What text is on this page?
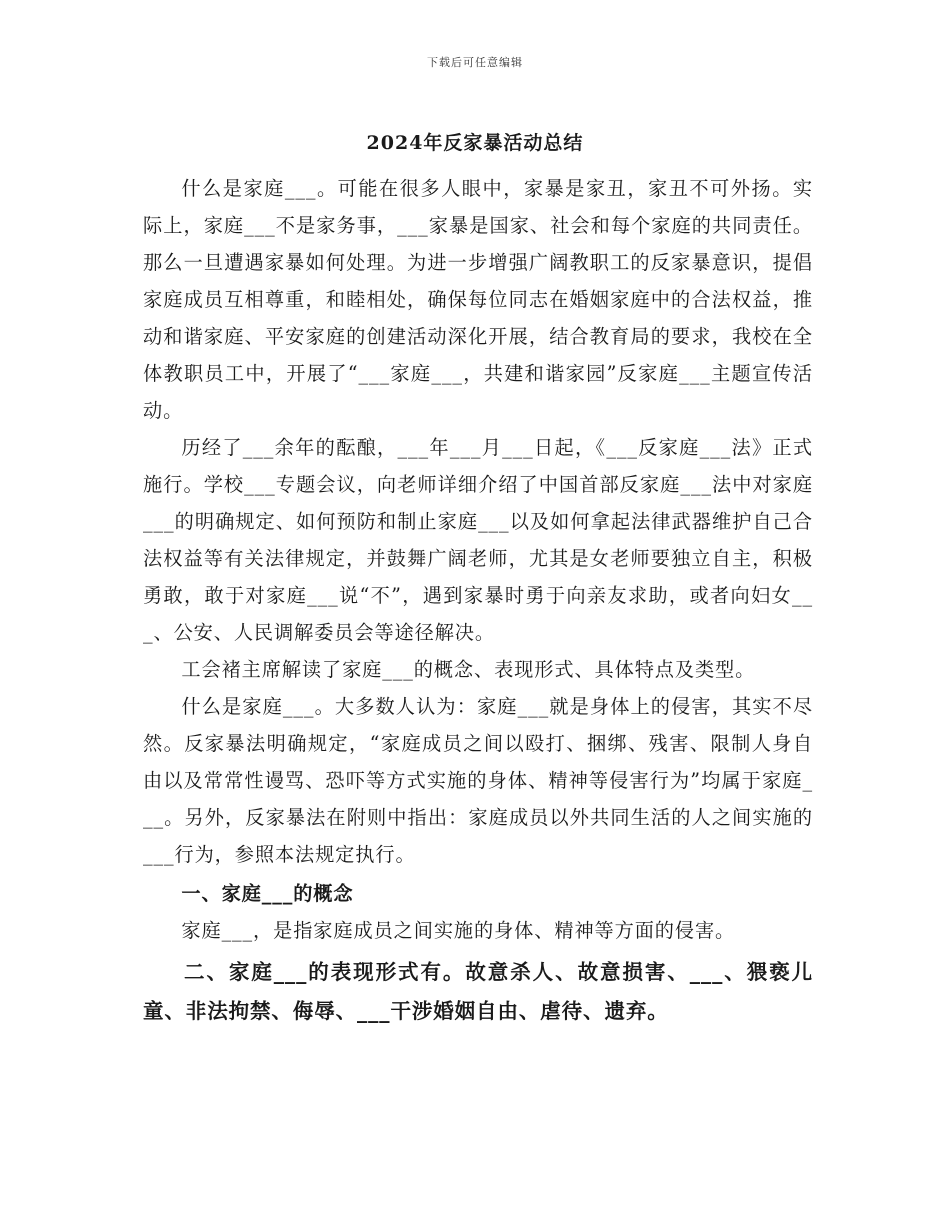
下载后可任意编辑
2024年反家暴活动总结

什么是家庭___。可能在很多人眼中，家暴是家丑，家丑不可外扬。实际上，家庭___不是家务事，___家暴是国家、社会和每个家庭的共同责任。那么一旦遭遇家暴如何处理。为进一步增强广阔教职工的反家暴意识，提倡家庭成员互相尊重，和睦相处，确保每位同志在婚姻家庭中的合法权益，推动和谐家庭、平安家庭的创建活动深化开展，结合教育局的要求，我校在全体教职员工中，开展了“___家庭___，共建和谐家园”反家庭___主题宣传活动。

历经了___余年的酝酿，___年___月___日起，《___反家庭___法》正式施行。学校___专题会议，向老师详细介绍了中国首部反家庭___法中对家庭___的明确规定、如何预防和制止家庭___以及如何拿起法律武器维护自己合法权益等有关法律规定，并鼓舞广阔老师，尤其是女老师要独立自主，积极勇敢，敢于对家庭___说“不”，遇到家暴时勇于向亲友求助，或者向妇女___、公安、人民调解委员会等途径解决。

工会褚主席解读了家庭___的概念、表现形式、具体特点及类型。

什么是家庭___。大多数人认为：家庭___就是身体上的侵害，其实不尽然。反家暴法明确规定，“家庭成员之间以殴打、捆绑、残害、限制人身自由以及常常性谩骂、恐吓等方式实施的身体、精神等侵害行为”均属于家庭___。另外，反家暴法在附则中指出：家庭成员以外共同生活的人之间实施的___行为，参照本法规定执行。

一、家庭___的概念

家庭___，是指家庭成员之间实施的身体、精神等方面的侵害。

二、家庭___的表现形式有。故意杀人、故意损害、___、猥亵儿童、非法拘禁、侮辱、___干涉婚姻自由、虐待、遗弃。
